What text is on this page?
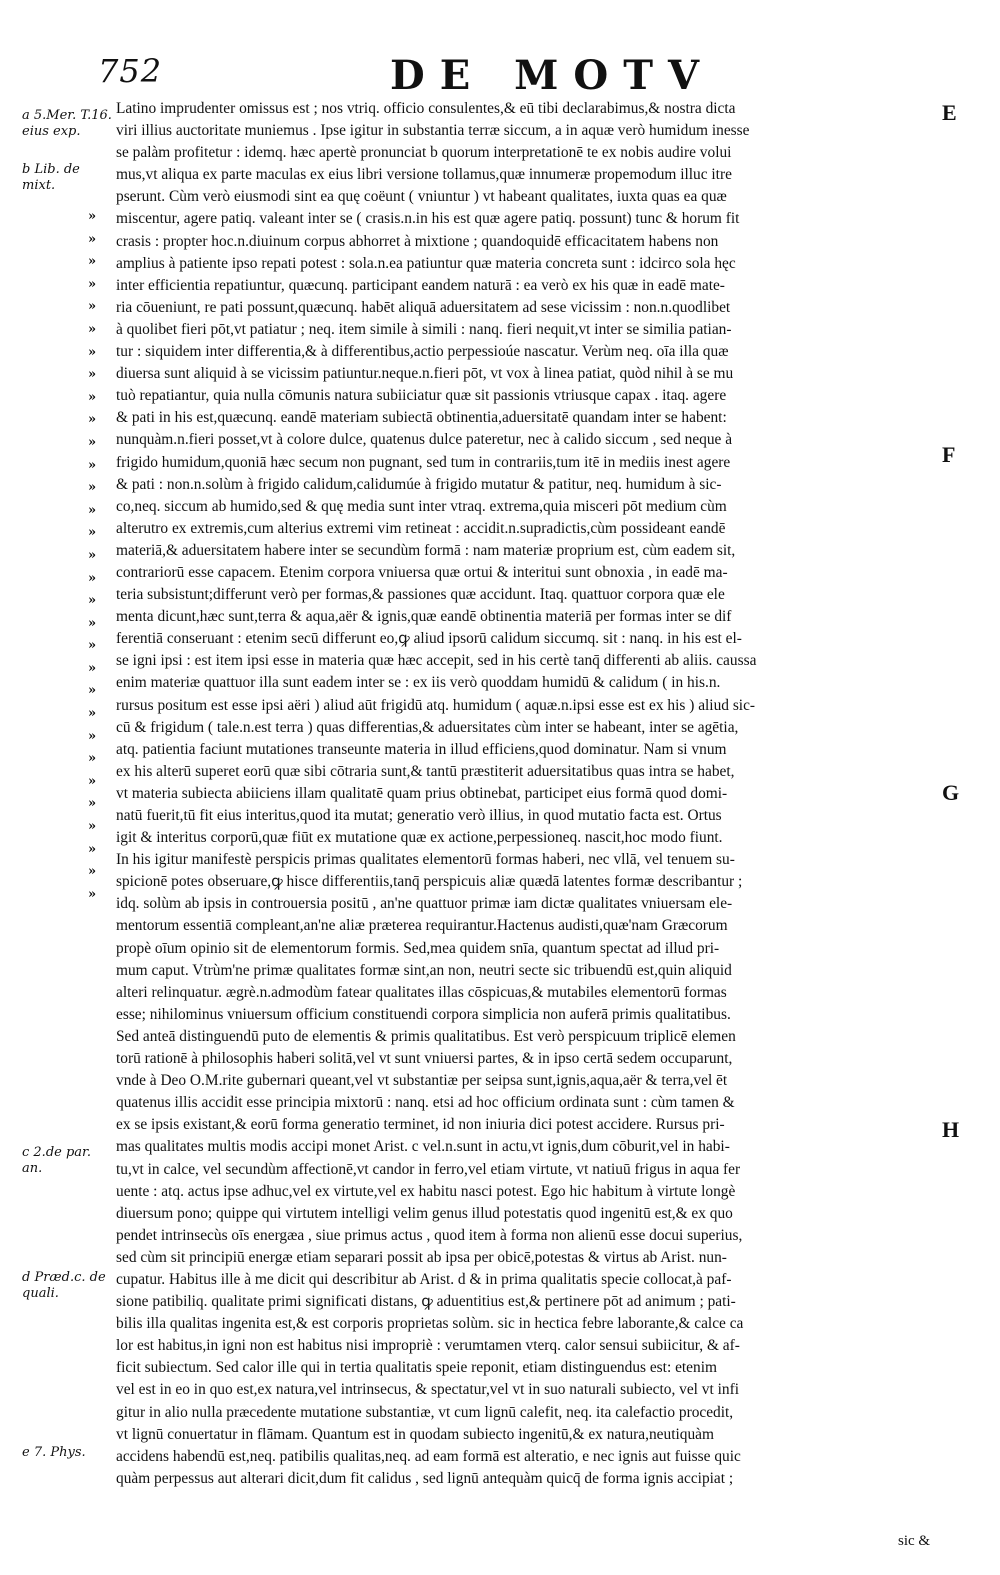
752	DE MOTV
a 5.Mer. T.16. eius exp.
b Lib. de mixt.
c 2.de par. an.
d Præd.c. de quali.
e 7. Phys.
»
»
»
»
»
»
»
»
»
»
»
»
»
»
»
»
»
»
»
»
»
»
»
»
»
»
»
»
»
»
»
Latino imprudenter omissus est ; nos vtriq. officio consulentes,& eū tibi declarabimus,& nostra dicta
viri illius auctoritate muniemus . Ipse igitur in substantia terræ siccum, a in aquæ verò humidum inesse
se palàm profitetur : idemq. hæc apertè pronunciat b quorum interpretationē te ex nobis audire volui
mus,vt aliqua ex parte maculas ex eius libri versione tollamus,quæ innumeræ propemodum illuc itre
pserunt. Cùm verò eiusmodi sint ea quę coëunt ( vniuntur ) vt habeant qualitates, iuxta quas ea quæ
miscentur, agere patiq. valeant inter se ( crasis.n.in his est quæ agere patiq. possunt) tunc & horum fit
crasis : propter hoc.n.diuinum corpus abhorret à mixtione ; quandoquidē efficacitatem habens non
amplius à patiente ipso repati potest : sola.n.ea patiuntur quæ materia concreta sunt : idcirco sola hęc
inter efficientia repatiuntur, quæcunq. participant eandem naturā : ea verò ex his quæ in eadē mate-
ria cōueniunt, re pati possunt,quæcunq. habēt aliquā aduersitatem ad sese vicissim : non.n.quodlibet
à quolibet fieri pōt,vt patiatur ; neq. item simile à simili : nanq. fieri nequit,vt inter se similia patian-
tur : siquidem inter differentia,& à differentibus,actio perpessioúe nascatur. Verùm neq. oīa illa quæ
diuersa sunt aliquid à se vicissim patiuntur.neque.n.fieri pōt, vt vox à linea patiat, quòd nihil à se mu
tuò repatiantur, quia nulla cōmunis natura subiiciatur quæ sit passionis vtriusque capax . itaq. agere
& pati in his est,quæcunq. eandē materiam subiectā obtinentia,aduersitatē quandam inter se habent:
nunquàm.n.fieri posset,vt à colore dulce, quatenus dulce pateretur, nec à calido siccum , sed neque à
frigido humidum,quoniā hæc secum non pugnant, sed tum in contrariis,tum itē in mediis inest agere
& pati : non.n.solùm à frigido calidum,calidumúe à frigido mutatur & patitur, neq. humidum à sic-
co,neq. siccum ab humido,sed & quę media sunt inter vtraq. extrema,quia misceri pōt medium cùm
alterutro ex extremis,cum alterius extremi vim retineat : accidit.n.supradictis,cùm possideant eandē
materiā,& aduersitatem habere inter se secundùm formā : nam materiæ proprium est, cùm eadem sit,
contrariorū esse capacem. Etenim corpora vniuersa quæ ortui & interitui sunt obnoxia , in eadē ma-
teria subsistunt;differunt verò per formas,& passiones quæ accidunt. Itaq. quattuor corpora quæ ele
menta dicunt,hæc sunt,terra & aqua,aër & ignis,quæ eandē obtinentia materiā per formas inter se dif
ferentiā conseruant : etenim secū differunt eo,ꝙ aliud ipsorū calidum siccumq. sit : nanq. in his est el-
se igni ipsi : est item ipsi esse in materia quæ hæc accepit, sed in his certè tanq̄ differenti ab aliis. caussa
enim materiæ quattuor illa sunt eadem inter se : ex iis verò quoddam humidū & calidum ( in his.n.
rursus positum est esse ipsi aëri ) aliud aūt frigidū atq. humidum ( aquæ.n.ipsi esse est ex his ) aliud sic-
cū & frigidum ( tale.n.est terra ) quas differentias,& aduersitates cùm inter se habeant, inter se agētia,
atq. patientia faciunt mutationes transeunte materia in illud efficiens,quod dominatur. Nam si vnum
ex his alterū superet eorū quæ sibi cōtraria sunt,& tantū præstiterit aduersitatibus quas intra se habet,
vt materia subiecta abiiciens illam qualitatē quam prius obtinebat, participet eius formā quod domi-
natū fuerit,tū fit eius interitus,quod ita mutat; generatio verò illius, in quod mutatio facta est. Ortus
igit & interitus corporū,quæ fiūt ex mutatione quæ ex actione,perpessioneq. nascit,hoc modo fiunt.
In his igitur manifestè perspicis primas qualitates elementorū formas haberi, nec vllā, vel tenuem su-
spicionē potes obseruare,ꝙ hisce differentiis,tanq̄ perspicuis aliæ quædā latentes formæ describantur ;
idq. solùm ab ipsis in controuersia positū , an'ne quattuor primæ iam dictæ qualitates vniuersam ele-
mentorum essentiā compleant,an'ne aliæ præterea requirantur.Hactenus audisti,quæ'nam Græcorum
propè oīum opinio sit de elementorum formis. Sed,mea quidem snīa, quantum spectat ad illud pri-
mum caput. Vtrùm'ne primæ qualitates formæ sint,an non, neutri secte sic tribuendū est,quin aliquid
alteri relinquatur. ægrè.n.admodùm fatear qualitates illas cōspicuas,& mutabiles elementorū formas
esse; nihilominus vniuersum officium constituendi corpora simplicia non auferā primis qualitatibus.
Sed anteā distinguendū puto de elementis & primis qualitatibus. Est verò perspicuum triplicē elemen
torū rationē à philosophis haberi solitā,vel vt sunt vniuersi partes, & in ipso certā sedem occuparunt,
vnde à Deo O.M.rite gubernari queant,vel vt substantiæ per seipsa sunt,ignis,aqua,aër & terra,vel ēt
quatenus illis accidit esse principia mixtorū : nanq. etsi ad hoc officium ordinata sunt : cùm tamen &
ex se ipsis existant,& eorū forma generatio terminet, id non iniuria dici potest accidere. Rursus pri-
mas qualitates multis modis accipi monet Arist. c vel.n.sunt in actu,vt ignis,dum cōburit,vel in habi-
tu,vt in calce, vel secundùm affectionē,vt candor in ferro,vel etiam virtute, vt natiuū frigus in aqua fer
uente : atq. actus ipse adhuc,vel ex virtute,vel ex habitu nasci potest. Ego hic habitum à virtute longè
diuersum pono; quippe qui virtutem intelligi velim genus illud potestatis quod ingenitū est,& ex quo
pendet intrinsecùs oīs energæa , siue primus actus , quod item à forma non alienū esse docui superius,
sed cùm sit principiū energæ etiam separari possit ab ipsa per obicē,potestas & virtus ab Arist. nun-
cupatur. Habitus ille à me dicit qui describitur ab Arist. d & in prima qualitatis specie collocat,à paf-
sione patibiliq. qualitate primi significati distans, ꝙ aduentitius est,& pertinere pōt ad animum ; pati-
bilis illa qualitas ingenita est,& est corporis proprietas solùm. sic in hectica febre laborante,& calce ca
lor est habitus,in igni non est habitus nisi impropriè : verumtamen vterq. calor sensui subiicitur, & af-
ficit subiectum. Sed calor ille qui in tertia qualitatis speie reponit, etiam distinguendus est: etenim
vel est in eo in quo est,ex natura,vel intrinsecus, & spectatur,vel vt in suo naturali subiecto, vel vt infi
gitur in alio nulla præcedente mutatione substantiæ, vt cum lignū calefit, neq. ita calefactio procedit,
vt lignū conuertatur in flāmam. Quantum est in quodam subiecto ingenitū,& ex natura,neutiquàm
accidens habendū est,neq. patibilis qualitas,neq. ad eam formā est alteratio, e nec ignis aut fuisse quic
quàm perpessus aut alterari dicit,dum fit calidus , sed lignū antequàm quicq̄ de forma ignis accipiat ;
E
F
G
H
sic &
